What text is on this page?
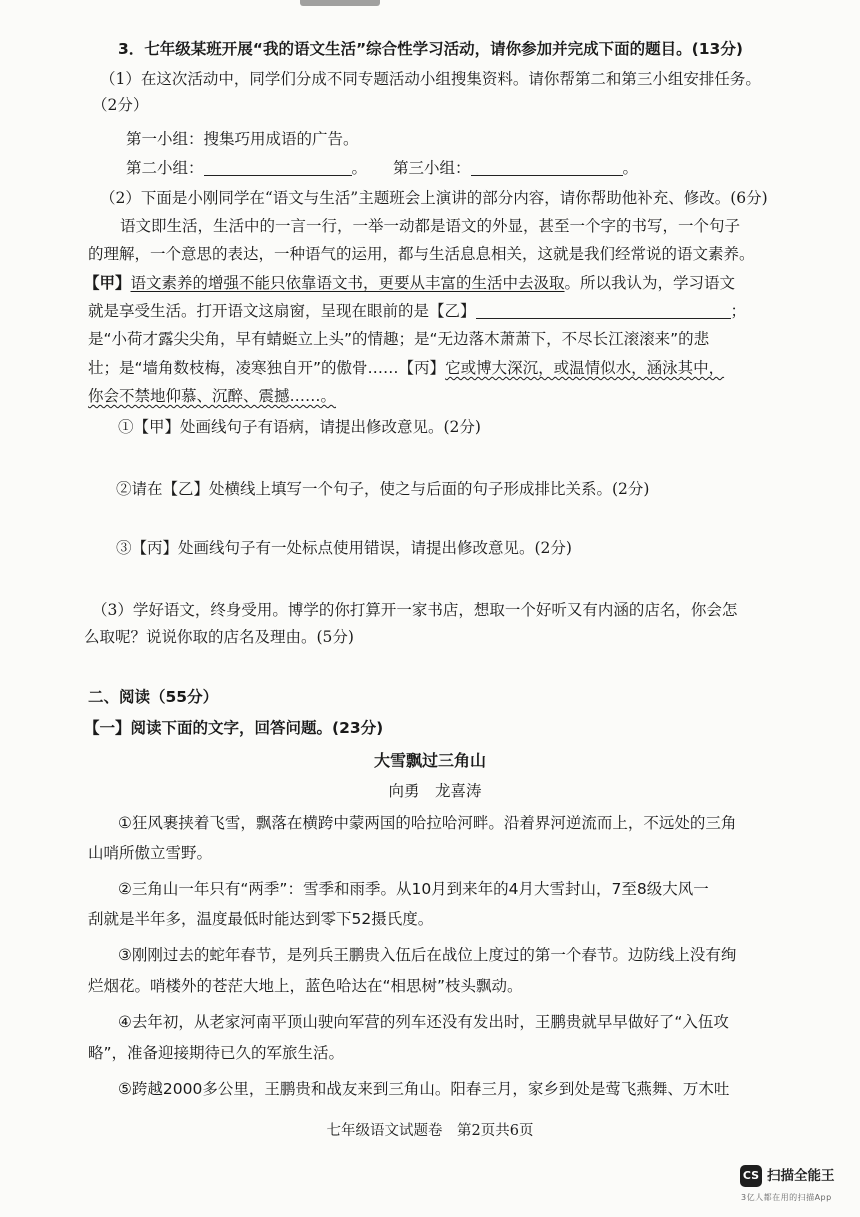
3．七年级某班开展“我的语文生活”综合性学习活动，请你参加并完成下面的题目。(13分)
（1）在这次活动中，同学们分成不同专题活动小组搜集资料。请你帮第二和第三小组安排任务。
（2分）
第一小组：搜集巧用成语的广告。
第二小组：	。 第三小组：	。
（2）下面是小刚同学在“语文与生活”主题班会上演讲的部分内容，请你帮助他补充、修改。(6分)
语文即生活，生活中的一言一行，一举一动都是语文的外显，甚至一个字的书写，一个句子
的理解，一个意思的表达，一种语气的运用，都与生活息息相关，这就是我们经常说的语文素养。
【甲】语文素养的增强不能只依靠语文书，更要从丰富的生活中去汲取。所以我认为，学习语文
就是享受生活。打开语文这扇窗，呈现在眼前的是【乙】	；
是“小荷才露尖尖角，早有蜻蜓立上头”的情趣；是“无边落木萧萧下，不尽长江滚滚来”的悲
壮；是“墙角数枝梅，凌寒独自开”的傲骨……【丙】它或博大深沉，或温情似水，涵泳其中，
你会不禁地仰慕、沉醉、震撼……。
①【甲】处画线句子有语病，请提出修改意见。(2分)
②请在【乙】处横线上填写一个句子，使之与后面的句子形成排比关系。(2分)
③【丙】处画线句子有一处标点使用错误，请提出修改意见。(2分)
（3）学好语文，终身受用。博学的你打算开一家书店，想取一个好听又有内涵的店名，你会怎
么取呢？说说你取的店名及理由。(5分)
二、阅读（55分）
【一】阅读下面的文字，回答问题。(23分)
大雪飘过三角山
向勇　龙喜涛
①狂风裹挟着飞雪，飘落在横跨中蒙两国的哈拉哈河畔。沿着界河逆流而上，不远处的三角
山哨所傲立雪野。
②三角山一年只有“两季”：雪季和雨季。从10月到来年的4月大雪封山，7至8级大风一
刮就是半年多，温度最低时能达到零下52摄氏度。
③刚刚过去的蛇年春节，是列兵王鹏贵入伍后在战位上度过的第一个春节。边防线上没有绚
烂烟花。哨楼外的苍茫大地上，蓝色哈达在“相思树”枝头飘动。
④去年初，从老家河南平顶山驶向军营的列车还没有发出时，王鹏贵就早早做好了“入伍攻
略”，准备迎接期待已久的军旅生活。
⑤跨越2000多公里，王鹏贵和战友来到三角山。阳春三月，家乡到处是莺飞燕舞、万木吐
七年级语文试题卷　第2页共6页
CS 扫描全能王
3亿人都在用的扫描App
